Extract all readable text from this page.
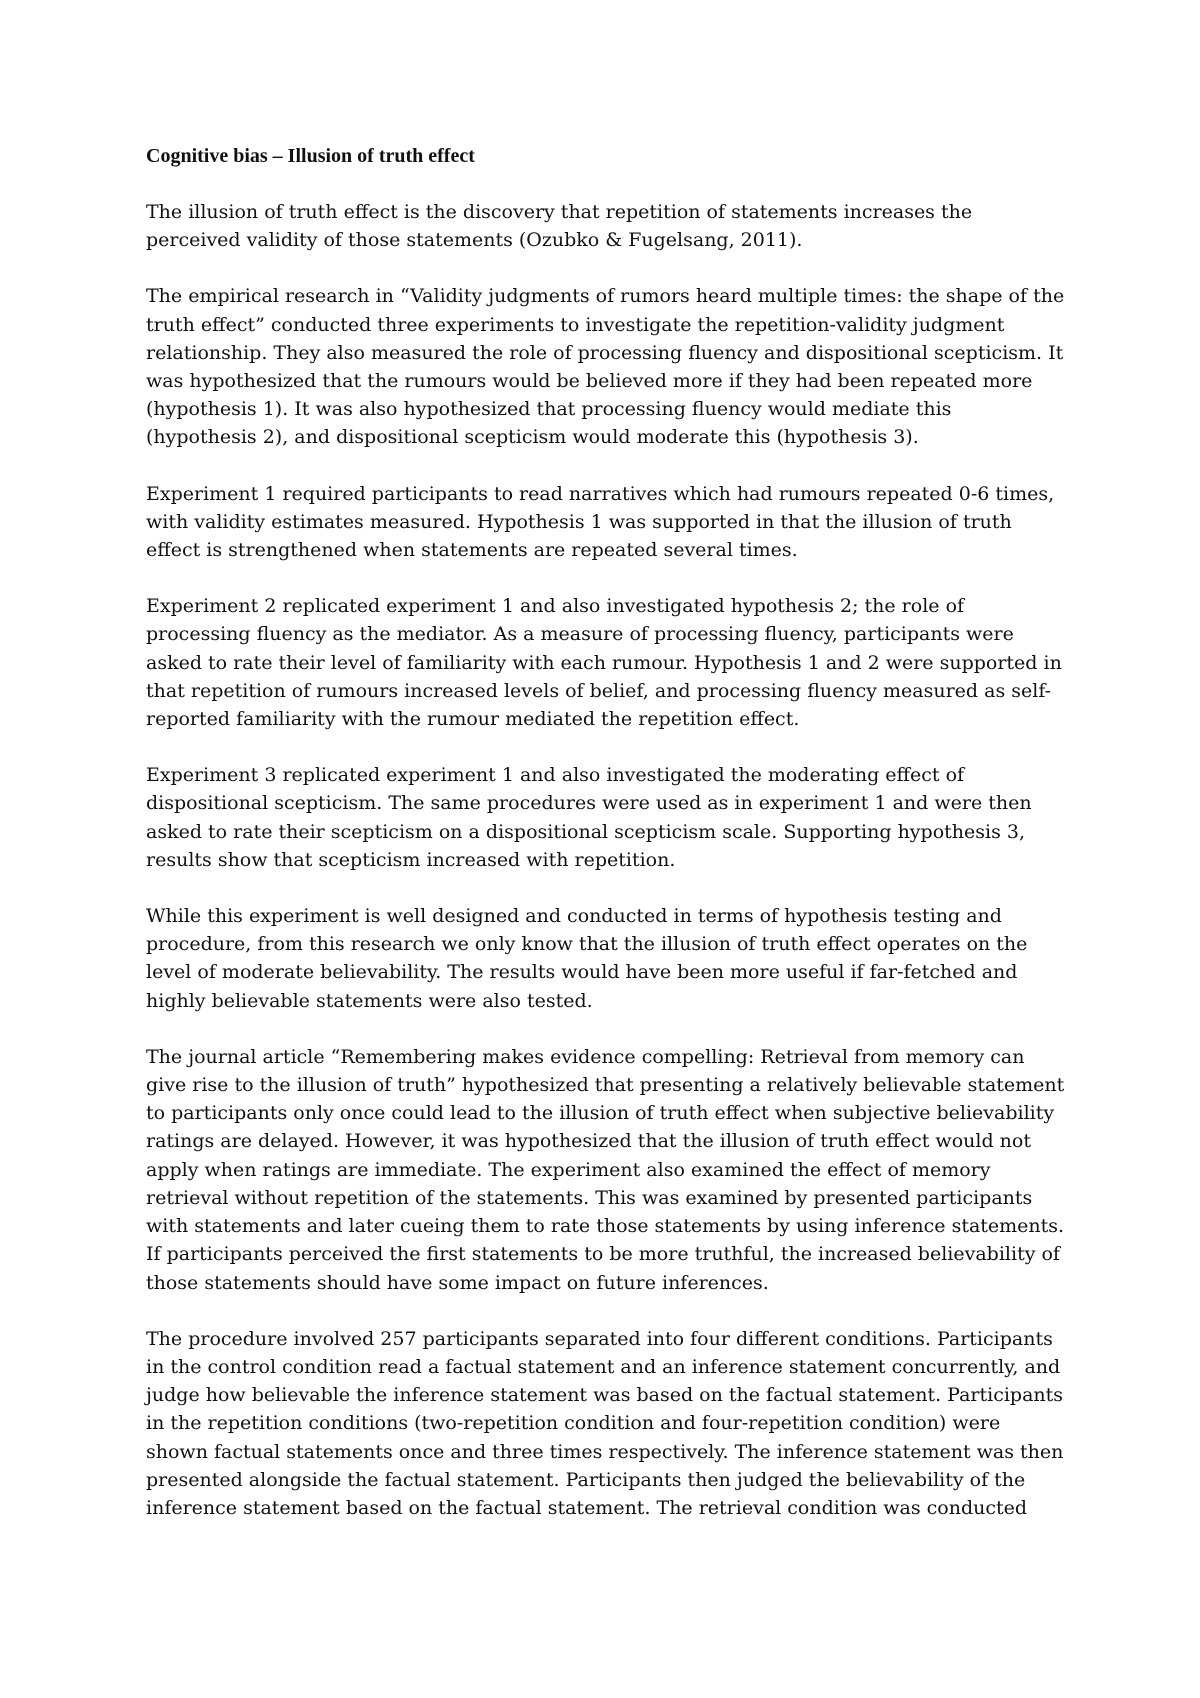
Cognitive bias – Illusion of truth effect

The illusion of truth effect is the discovery that repetition of statements increases the perceived validity of those statements (Ozubko & Fugelsang, 2011).

The empirical research in “Validity judgments of rumors heard multiple times: the shape of the truth effect” conducted three experiments to investigate the repetition-validity judgment relationship. They also measured the role of processing fluency and dispositional scepticism. It was hypothesized that the rumours would be believed more if they had been repeated more (hypothesis 1). It was also hypothesized that processing fluency would mediate this (hypothesis 2), and dispositional scepticism would moderate this (hypothesis 3).

Experiment 1 required participants to read narratives which had rumours repeated 0-6 times, with validity estimates measured. Hypothesis 1 was supported in that the illusion of truth effect is strengthened when statements are repeated several times.

Experiment 2 replicated experiment 1 and also investigated hypothesis 2; the role of processing fluency as the mediator. As a measure of processing fluency, participants were asked to rate their level of familiarity with each rumour. Hypothesis 1 and 2 were supported in that repetition of rumours increased levels of belief, and processing fluency measured as self-reported familiarity with the rumour mediated the repetition effect.

Experiment 3 replicated experiment 1 and also investigated the moderating effect of dispositional scepticism. The same procedures were used as in experiment 1 and were then asked to rate their scepticism on a dispositional scepticism scale. Supporting hypothesis 3, results show that scepticism increased with repetition.

While this experiment is well designed and conducted in terms of hypothesis testing and procedure, from this research we only know that the illusion of truth effect operates on the level of moderate believability. The results would have been more useful if far-fetched and highly believable statements were also tested.

The journal article “Remembering makes evidence compelling: Retrieval from memory can give rise to the illusion of truth” hypothesized that presenting a relatively believable statement to participants only once could lead to the illusion of truth effect when subjective believability ratings are delayed. However, it was hypothesized that the illusion of truth effect would not apply when ratings are immediate. The experiment also examined the effect of memory retrieval without repetition of the statements. This was examined by presented participants with statements and later cueing them to rate those statements by using inference statements. If participants perceived the first statements to be more truthful, the increased believability of those statements should have some impact on future inferences.

The procedure involved 257 participants separated into four different conditions. Participants in the control condition read a factual statement and an inference statement concurrently, and judge how believable the inference statement was based on the factual statement. Participants in the repetition conditions (two-repetition condition and four-repetition condition) were shown factual statements once and three times respectively. The inference statement was then presented alongside the factual statement. Participants then judged the believability of the inference statement based on the factual statement. The retrieval condition was conducted
